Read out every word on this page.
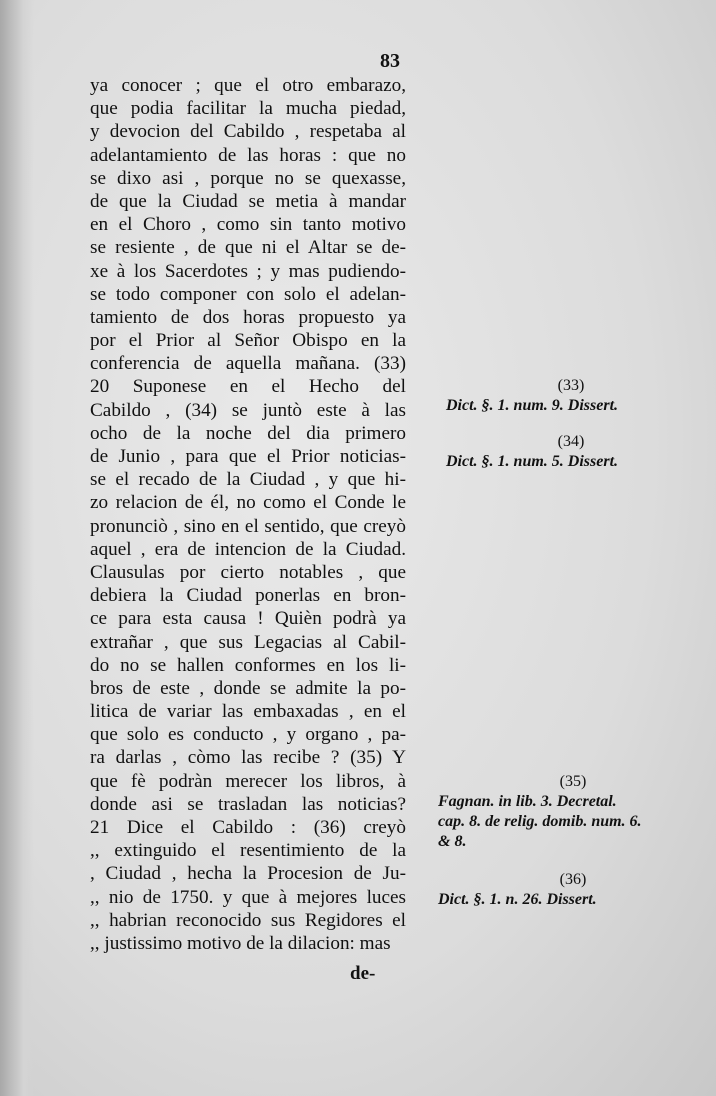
83
ya conocer ; que el otro embarazo,
que podia facilitar la mucha piedad,
y devocion del Cabildo , respetaba al
adelantamiento de las horas : que no
se dixo asi , porque no se quexasse,
de que la Ciudad se metia à mandar
en el Choro , como sin tanto motivo
se resiente , de que ni el Altar se de-
xe à los Sacerdotes ; y mas pudiendo-
se todo componer con solo el adelan-
tamiento de dos horas propuesto ya
por el Prior al Señor Obispo en la
conferencia de aquella mañana. (33)
20 Suponese en el Hecho del
Cabildo , (34) se juntò este à las
ocho de la noche del dia primero
de Junio , para que el Prior noticias-
se el recado de la Ciudad , y que hi-
zo relacion de él, no como el Conde le
pronunciò , sino en el sentido, que creyò
aquel , era de intencion de la Ciudad.
Clausulas por cierto notables , que
debiera la Ciudad ponerlas en bron-
ce para esta causa ! Quièn podrà ya
extrañar , que sus Legacias al Cabil-
do no se hallen conformes en los li-
bros de este , donde se admite la po-
litica de variar las embaxadas , en el
que solo es conducto , y organo , pa-
ra darlas , còmo las recibe ? (35) Y
que fè podràn merecer los libros, à
donde asi se trasladan las noticias?
21 Dice el Cabildo : (36) creyò
,, extinguido el resentimiento de la
, Ciudad , hecha la Procesion de Ju-
,, nio de 1750. y que à mejores luces
,, habrian reconocido sus Regidores el
,, justissimo motivo de la dilacion: mas
de-
(33)
Dict. §. 1. num. 9. Dissert.
(34)
Dict. §. 1. num. 5. Dissert.
(35)
Fagnan. in lib. 3. Decretal.
cap. 8. de relig. domib. num. 6.
& 8.
(36)
Dict. §. 1. n. 26. Dissert.
